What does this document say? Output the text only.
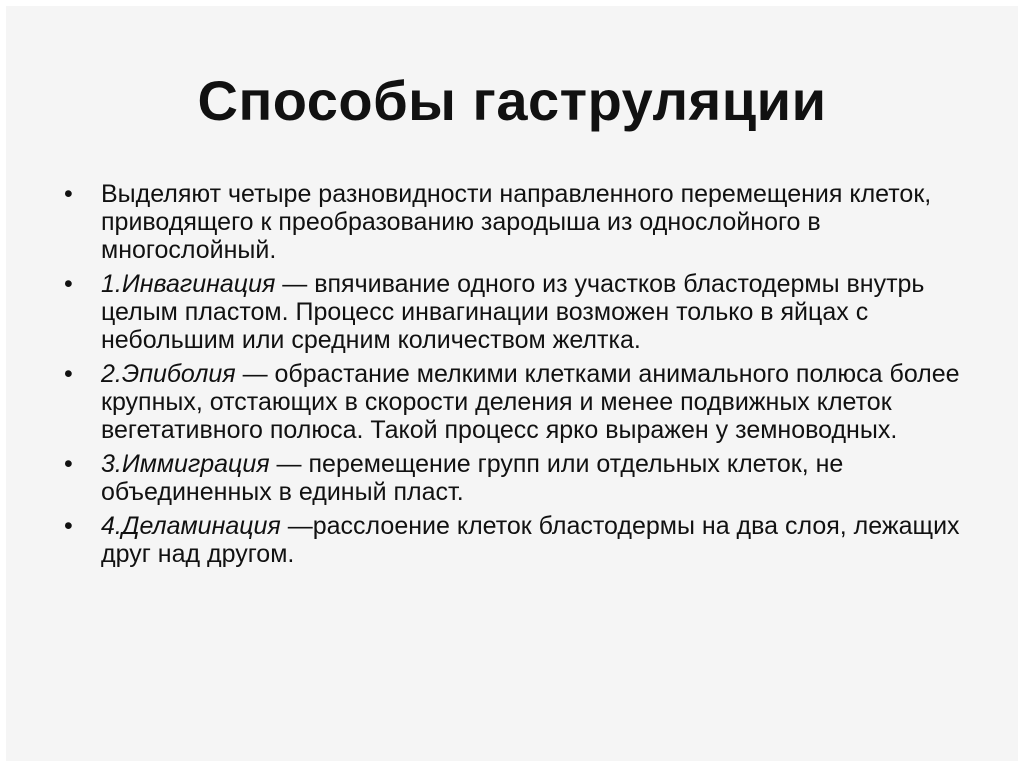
Способы гаструляции
• Выделяют четыре разновидности направленного перемещения клеток, приводящего к преобразованию зародыша из однослойного в многослойный.
• 1.Инвагинация — впячивание одного из участков бластодермы внутрь целым пластом. Процесс инвагинации возможен только в яйцах с небольшим или средним количеством желтка.
• 2.Эпиболия — обрастание мелкими клетками анимального полюса более крупных, отстающих в скорости деления и менее подвижных клеток вегетативного полюса. Такой процесс ярко выражен у земноводных.
• 3.Иммиграция — перемещение групп или отдельных клеток, не объединенных в единый пласт.
• 4.Деламинация —расслоение клеток бластодермы на два слоя, лежащих друг над другом.
